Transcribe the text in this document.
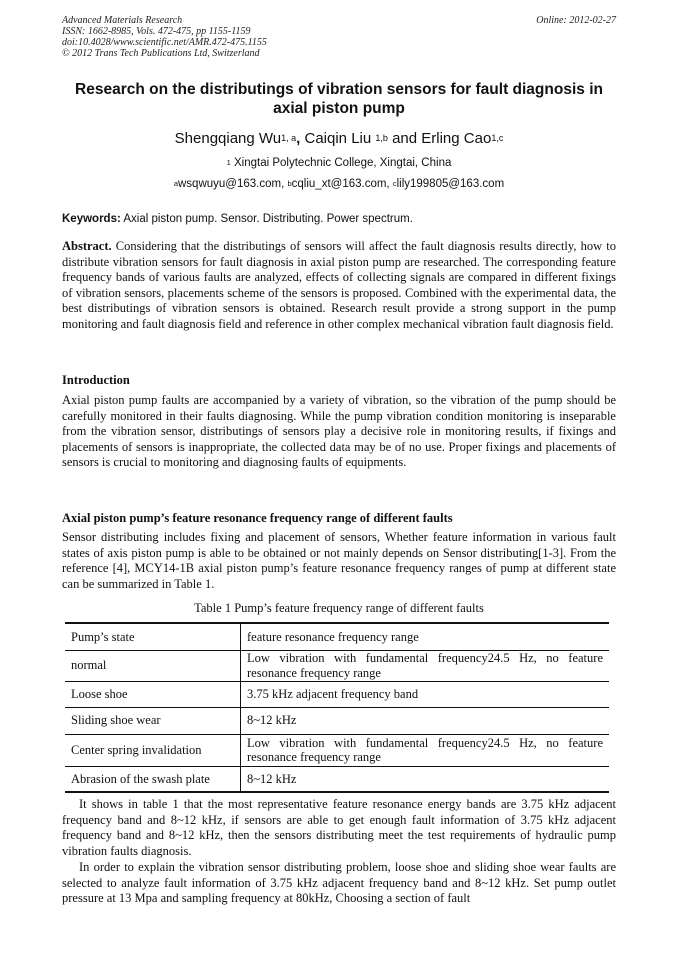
Advanced Materials Research
ISSN: 1662-8985, Vols. 472-475, pp 1155-1159
doi:10.4028/www.scientific.net/AMR.472-475.1155
© 2012 Trans Tech Publications Ltd, Switzerland
Online: 2012-02-27
Research on the distributings of vibration sensors for fault diagnosis in axial piston pump
Shengqiang Wu$^{1, a}$, Caiqin Liu $^{1,b}$ and Erling Cao$^{1,c}$
$^1$ Xingtai Polytechnic College, Xingtai, China
$^a$wsqwuyu@163.com, $^b$cqliu_xt@163.com, $^c$lily199805@163.com
Keywords: Axial piston pump. Sensor. Distributing. Power spectrum.

Abstract. Considering that the distributings of sensors will affect the fault diagnosis results directly, how to distribute vibration sensors for fault diagnosis in axial piston pump are researched. The corresponding feature frequency bands of various faults are analyzed, effects of collecting signals are compared in different fixings of vibration sensors, placements scheme of the sensors is proposed. Combined with the experimental data, the best distributings of vibration sensors is obtained. Research result provide a strong support in the pump monitoring and fault diagnosis field and reference in other complex mechanical vibration fault diagnosis field.

Introduction

Axial piston pump faults are accompanied by a variety of vibration, so the vibration of the pump should be carefully monitored in their faults diagnosing. While the pump vibration condition monitoring is inseparable from the vibration sensor, distributings of sensors play a decisive role in monitoring results, if fixings and placements of sensors is inappropriate, the collected data may be of no use. Proper fixings and placements of sensors is crucial to monitoring and diagnosing faults of equipments.

Axial piston pump’s feature resonance frequency range of different faults

Sensor distributing includes fixing and placement of sensors, Whether feature information in various fault states of axis piston pump is able to be obtained or not mainly depends on Sensor distributing[1-3]. From the reference [4], MCY14-1B axial piston pump’s feature resonance frequency ranges of pump at different state can be summarized in Table 1.

Table 1 Pump’s feature frequency range of different faults
Pump’s state	feature resonance frequency range
normal	Low vibration with fundamental frequency24.5 Hz, no feature resonance frequency range
Loose shoe	3.75 kHz adjacent frequency band
Sliding shoe wear	8~12 kHz
Center spring invalidation	Low vibration with fundamental frequency24.5 Hz, no feature resonance frequency range
Abrasion of the swash plate	8~12 kHz

It shows in table 1 that the most representative feature resonance energy bands are 3.75 kHz adjacent frequency band and 8~12 kHz, if sensors are able to get enough fault information of 3.75 kHz adjacent frequency band and 8~12 kHz, then the sensors distributing meet the test requirements of hydraulic pump vibration faults diagnosis.

In order to explain the vibration sensor distributing problem, loose shoe and sliding shoe wear faults are selected to analyze fault information of 3.75 kHz adjacent frequency band and 8~12 kHz. Set pump outlet pressure at 13 Mpa and sampling frequency at 80kHz, Choosing a section of fault
